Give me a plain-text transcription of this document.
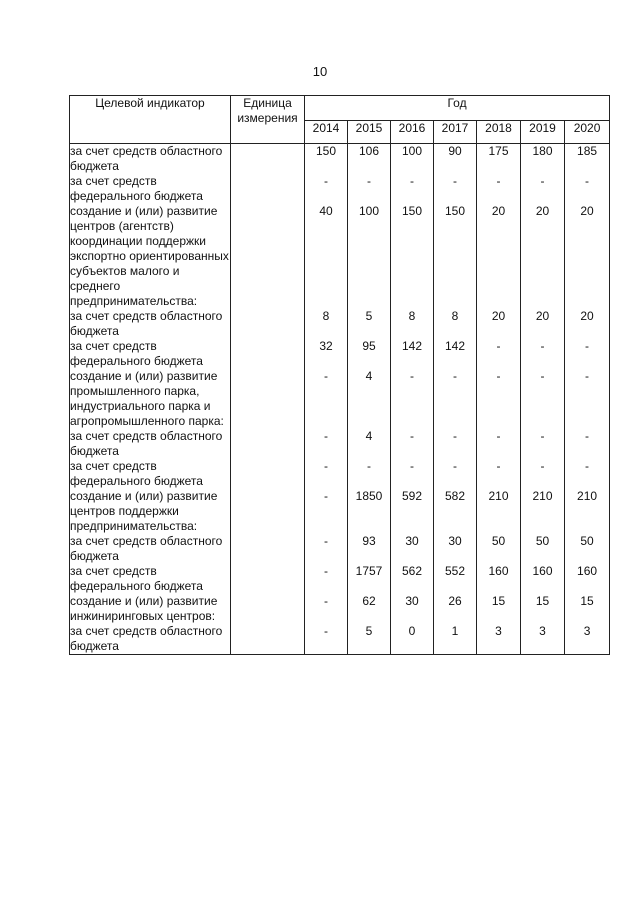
10
Целевой индикатор	Единица измерения	Год						
		2014	2015	2016	2017	2018	2019	2020
за счет средств областного бюджета		150	106	100	90	175	180	185
за счет средств федерального бюджета		-	-	-	-	-	-	-
создание и (или) развитие центров (агентств) координации поддержки экспортно ориентированных субъектов малого и среднего предпринимательства:		40	100	150	150	20	20	20
за счет средств областного бюджета		8	5	8	8	20	20	20
за счет средств федерального бюджета		32	95	142	142	-	-	-
создание и (или) развитие промышленного парка, индустриального парка и агропромышленного парка:		-	4	-	-	-	-	-
за счет средств областного бюджета		-	4	-	-	-	-	-
за счет средств федерального бюджета		-	-	-	-	-	-	-
создание и (или) развитие центров поддержки предпринимательства:		-	1850	592	582	210	210	210
за счет средств областного бюджета		-	93	30	30	50	50	50
за счет средств федерального бюджета		-	1757	562	552	160	160	160
создание и (или) развитие инжиниринговых центров:		-	62	30	26	15	15	15
за счет средств областного бюджета		-	5	0	1	3	3	3
